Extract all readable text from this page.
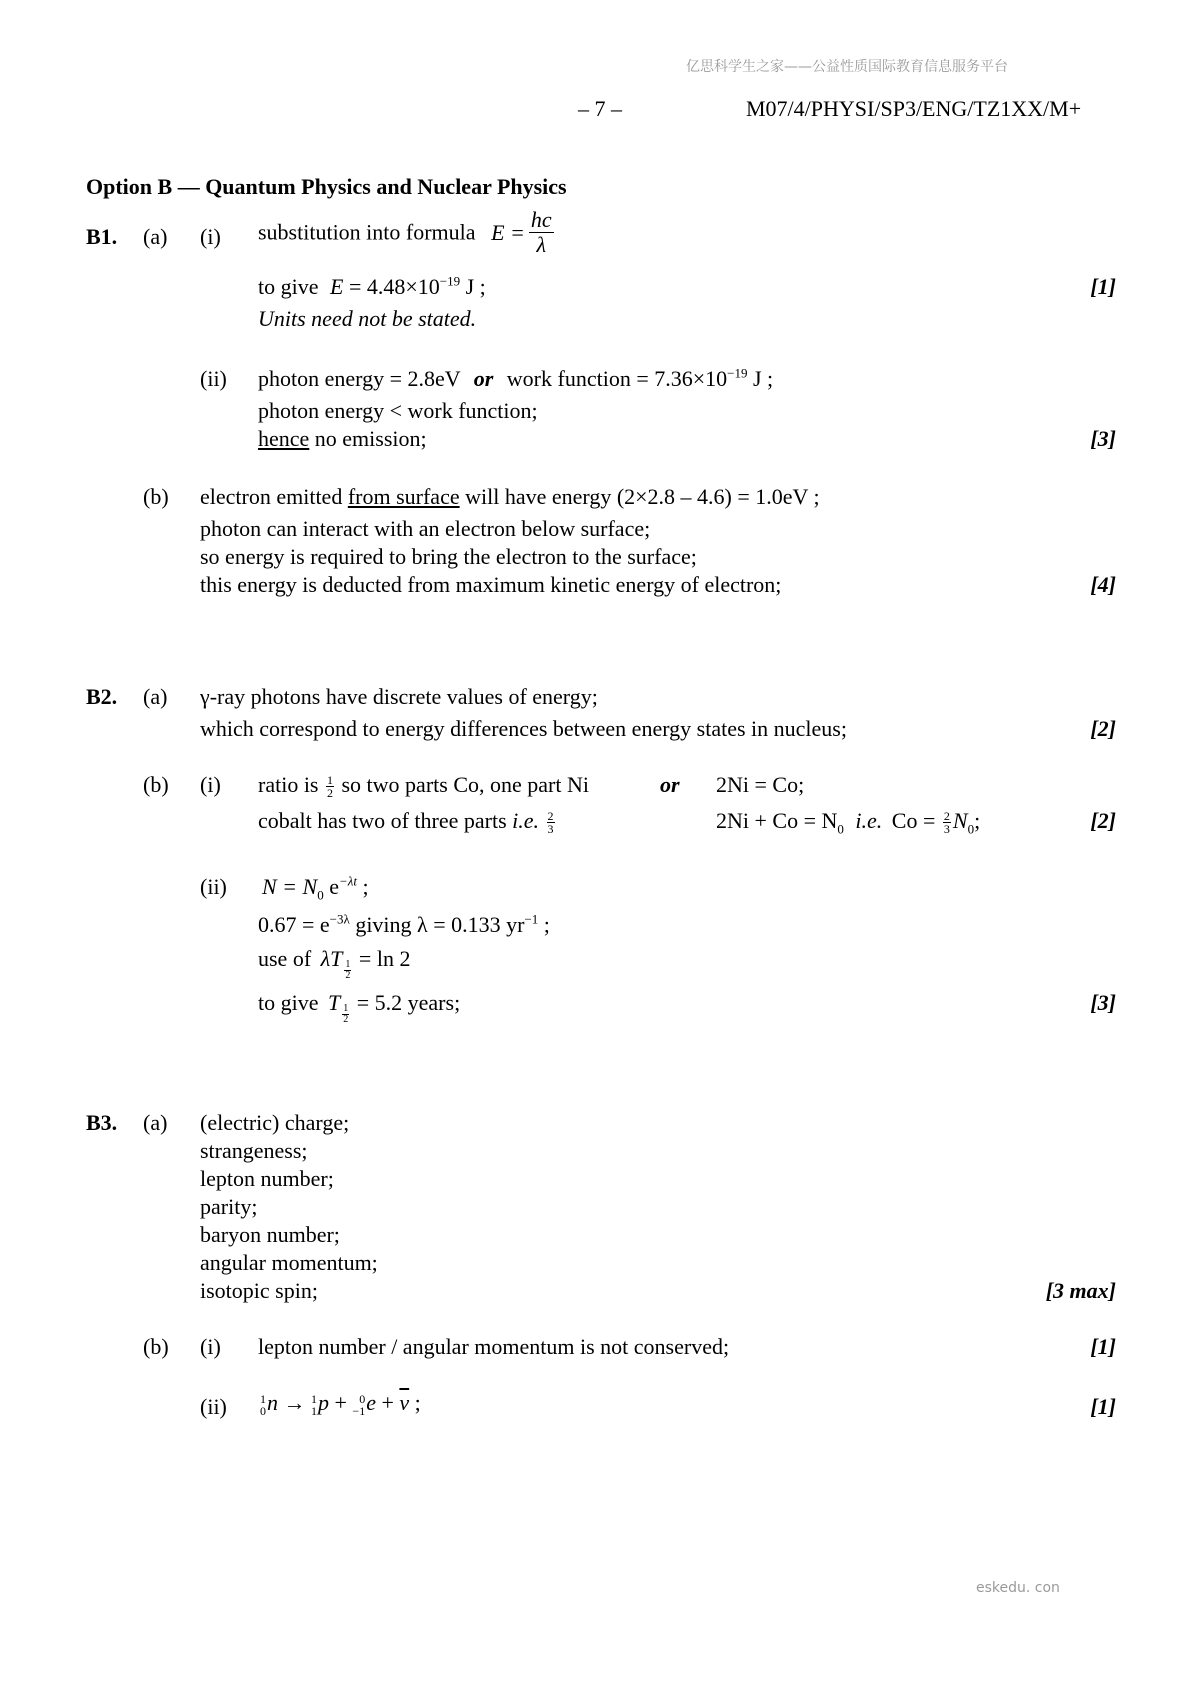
亿思科学生之家——公益性质国际教育信息服务平台
– 7 –	M07/4/PHYSI/SP3/ENG/TZ1XX/M+
Option B — Quantum Physics and Nuclear Physics
B1. (a) (i) substitution into formula $E = \frac{hc}{\lambda}$
to give $E = 4.48\times 10^{-19}$ J ;	[1]
Units need not be stated.
(ii) photon energy = 2.8eV or work function = $7.36\times 10^{-19}$ J ;
photon energy < work function;
hence no emission;	[3]
(b) electron emitted from surface will have energy (2×2.8 – 4.6) = 1.0eV ;
photon can interact with an electron below surface;
so energy is required to bring the electron to the surface;
this energy is deducted from maximum kinetic energy of electron;	[4]
B2. (a) γ-ray photons have discrete values of energy;
which correspond to energy differences between energy states in nucleus;	[2]
(b) (i) ratio is $\frac{1}{2}$ so two parts Co, one part Ni	or 2Ni = Co;
cobalt has two of three parts i.e. $\frac{2}{3}$	$2Ni + Co = N_0$ i.e. $Co = \frac{2}{3} N_0$;	[2]
(ii) $N = N_0$ $e^{-\lambda t}$ ;
$0.67 = e^{-3\lambda}$ giving λ = 0.133 $yr^{-1}$ ;
use of λT $\frac{1}{2} = \ln 2$
to give T $\frac{1}{2} = 5.2$ years;	[3]
B3. (a) (electric) charge;
strangeness;
lepton number;
parity;
baryon number;
angular momentum;
isotopic spin;	[3 max]
(b) (i) lepton number / angular momentum is not conserved;	[1]
(ii)	1
0 n → 1
1 p + 0
−1 $e + \overline{\nu}$ ;	[1]
eskedu. con
